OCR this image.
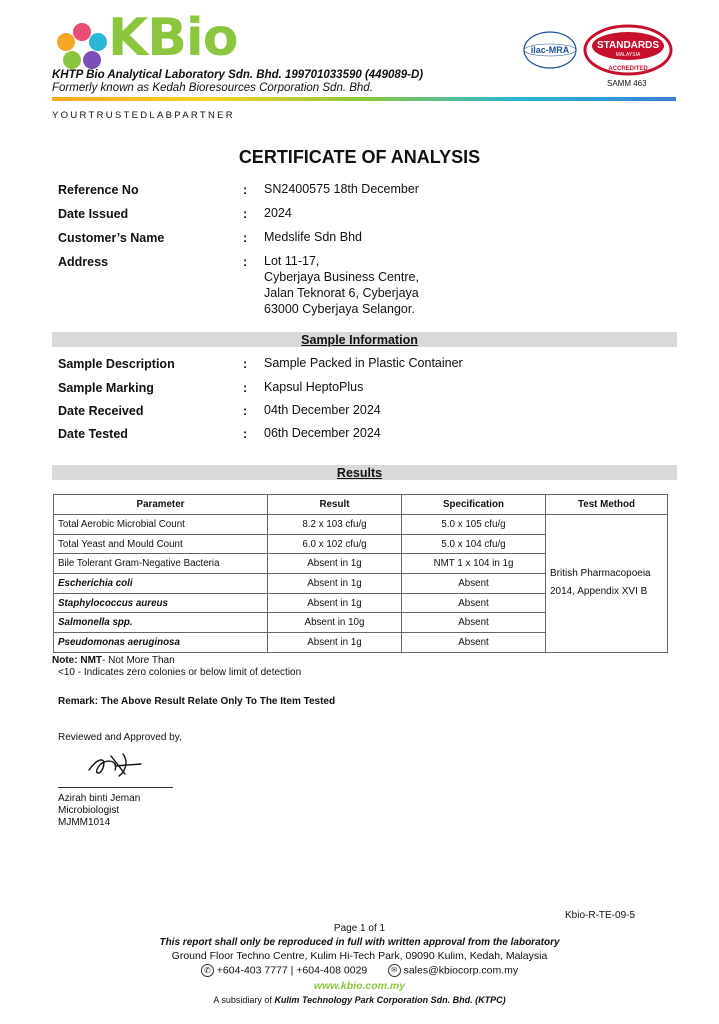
KBio
KHTP Bio Analytical Laboratory Sdn. Bhd. 199701033590 (449089-D)
Formerly known as Kedah Bioresources Corporation Sdn. Bhd.
ilac-MRA	STANDARDS
MALAYSIA
ACCREDITED
SAMM 463
YOURTRUSTEDLABPARTNER
CERTIFICATE OF ANALYSIS
Reference No	: SN2400575 18th December
Date Issued	: 2024
Customer’s Name	: Medslife Sdn Bhd
Address	: Lot 11-17,
Cyberjaya Business Centre,
Jalan Teknorat 6, Cyberjaya
63000 Cyberjaya Selangor.
Sample Information
Sample Description	: Sample Packed in Plastic Container
Sample Marking	: Kapsul HeptoPlus
Date Received	: 04th December 2024
Date Tested	: 06th December 2024
Results
Parameter	Result	Specification	Test Method
Total Aerobic Microbial Count	8.2 x 103 cfu/g	5.0 x 105 cfu/g	British Pharmacopoeia
2014, Appendix XVI B

Total Yeast and Mould Count	6.0 x 102 cfu/g	5.0 x 104 cfu/g	
Bile Tolerant Gram-Negative Bacteria	Absent in 1g	NMT 1 x 104 in 1g	
Escherichia coli	Absent in 1g	Absent	
Staphylococcus aureus	Absent in 1g	Absent	
Salmonella spp.	Absent in 10g	Absent	
Pseudomonas aeruginosa	Absent in 1g	Absent	
Note: NMT- Not More Than
<10 - Indicates zero colonies or below limit of detection
Remark: The Above Result Relate Only To The Item Tested
Reviewed and Approved by,
Azirah binti Jeman
Microbiologist
MJMM1014
Kbio-R-TE-09-5
Page 1 of 1
This report shall only be reproduced in full with written approval from the laboratory
Ground Floor Techno Centre, Kulim Hi-Tech Park, 09090 Kulim, Kedah, Malaysia
✆ +604-403 7777 | +604-408 0029	✉ sales@kbiocorp.com.my
www.kbio.com.my
A subsidiary of Kulim Technology Park Corporation Sdn. Bhd. (KTPC)
